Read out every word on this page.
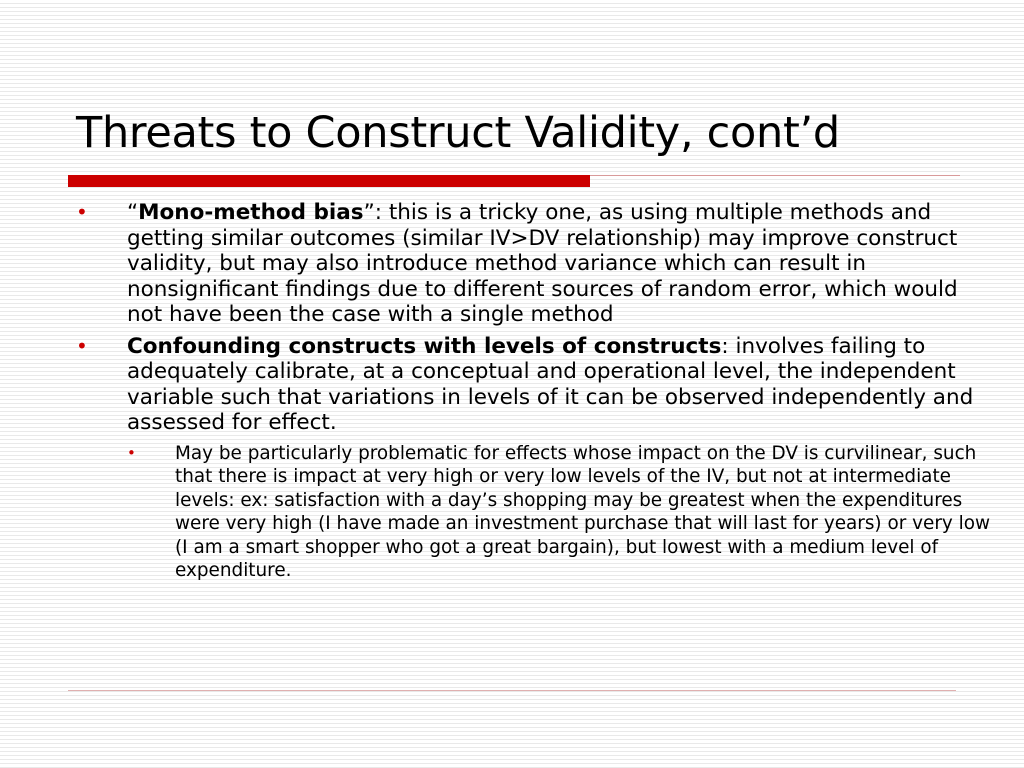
Threats to Construct Validity, cont’d
• “Mono-method bias”: this is a tricky one, as using multiple methods and getting similar outcomes (similar IV>DV relationship) may improve construct validity, but may also introduce method variance which can result in nonsignificant findings due to different sources of random error, which would not have been the case with a single method
• Confounding constructs with levels of constructs: involves failing to adequately calibrate, at a conceptual and operational level, the independent variable such that variations in levels of it can be observed independently and assessed for effect.
• May be particularly problematic for effects whose impact on the DV is curvilinear, such that there is impact at very high or very low levels of the IV, but not at intermediate levels: ex: satisfaction with a day’s shopping may be greatest when the expenditures were very high (I have made an investment purchase that will last for years) or very low (I am a smart shopper who got a great bargain), but lowest with a medium level of expenditure.
